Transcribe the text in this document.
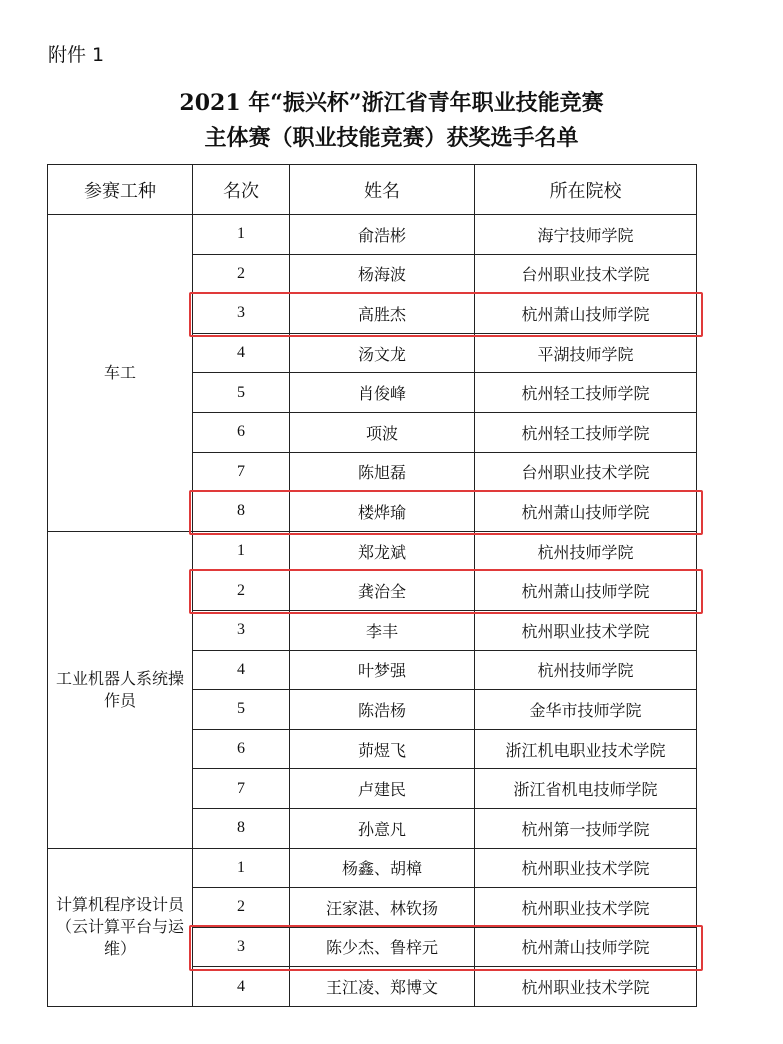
附件 1
2021 年“振兴杯”浙江省青年职业技能竞赛
主体赛（职业技能竞赛）获奖选手名单
参赛工种	名次	姓名	所在院校
车工	1	俞浩彬	海宁技师学院
	2	杨海波	台州职业技术学院
	3	高胜杰	杭州萧山技师学院
	4	汤文龙	平湖技师学院
	5	肖俊峰	杭州轻工技师学院
	6	项波	杭州轻工技师学院
	7	陈旭磊	台州职业技术学院
	8	楼烨瑜	杭州萧山技师学院
工业机器人系统操作员	1	郑龙斌	杭州技师学院
	2	龚治全	杭州萧山技师学院
	3	李丰	杭州职业技术学院
	4	叶梦强	杭州技师学院
	5	陈浩杨	金华市技师学院
	6	茆煜飞	浙江机电职业技术学院
	7	卢建民	浙江省机电技师学院
	8	孙意凡	杭州第一技师学院
计算机程序设计员（云计算平台与运维）	1	杨鑫、胡樟	杭州职业技术学院
	2	汪家湛、林钦扬	杭州职业技术学院
	3	陈少杰、鲁梓元	杭州萧山技师学院
	4	王江凌、郑博文	杭州职业技术学院
